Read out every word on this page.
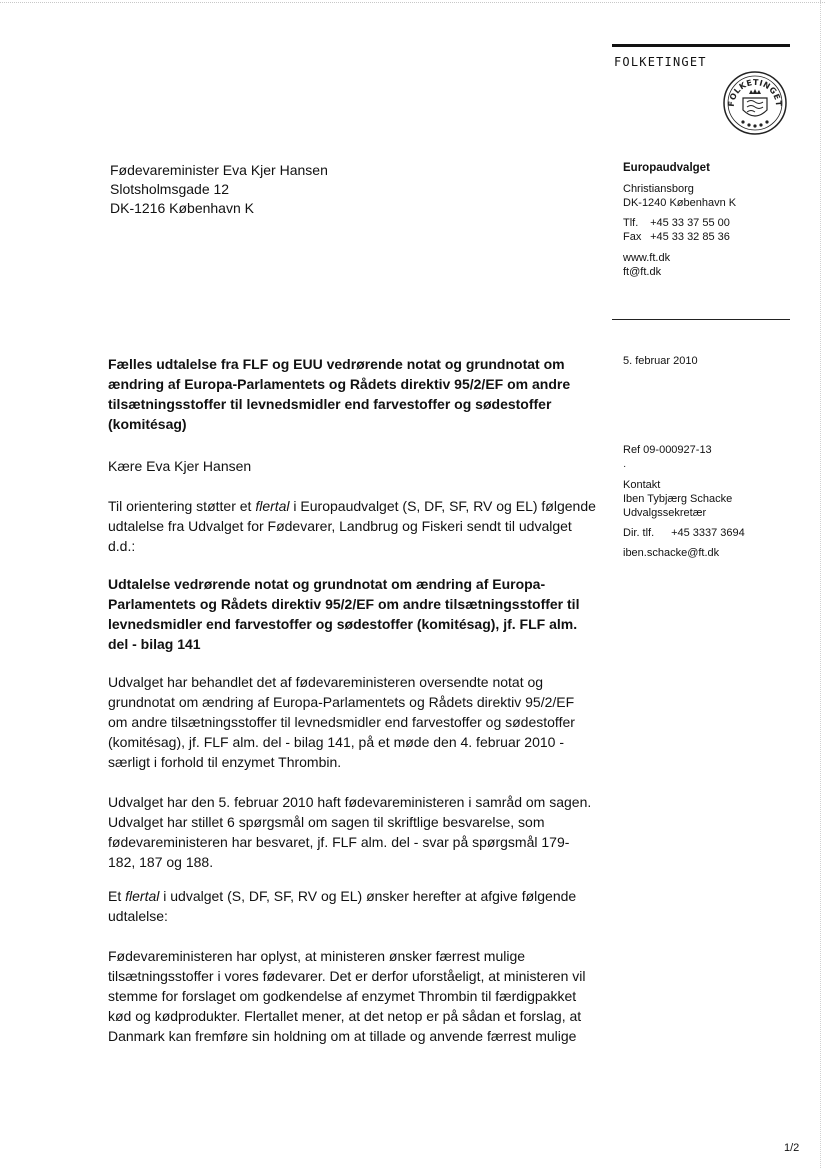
FOLKETINGET
FOLKETINGET
Fødevareminister Eva Kjer Hansen
Slotsholmsgade 12
DK-1216 København K
Europaudvalget
Christiansborg
DK-1240 København K
Tlf. +45 33 37 55 00
Fax +45 33 32 85 36
www.ft.dk
ft@ft.dk
5. februar 2010
Ref 09-000927-13
·
Kontakt
Iben Tybjærg Schacke
Udvalgssekretær
Dir. tlf. +45 3337 3694
iben.schacke@ft.dk

Fælles udtalelse fra FLF og EUU vedrørende notat og grundnotat om ændring af Europa-Parlamentets og Rådets direktiv 95/2/EF om andre tilsætningsstoffer til levnedsmidler end farvestoffer og sødestoffer (komitésag)

Kære Eva Kjer Hansen

Til orientering støtter et flertal i Europaudvalget (S, DF, SF, RV og EL) følgende udtalelse fra Udvalget for Fødevarer, Landbrug og Fiskeri sendt til udvalget d.d.:

Udtalelse vedrørende notat og grundnotat om ændring af Europa-Parlamentets og Rådets direktiv 95/2/EF om andre tilsætningsstoffer til levnedsmidler end farvestoffer og sødestoffer (komitésag), jf. FLF alm. del - bilag 141

Udvalget har behandlet det af fødevareministeren oversendte notat og grundnotat om ændring af Europa-Parlamentets og Rådets direktiv 95/2/EF om andre tilsætningsstoffer til levnedsmidler end farvestoffer og sødestoffer (komitésag), jf. FLF alm. del - bilag 141, på et møde den 4. februar 2010 - særligt i forhold til enzymet Thrombin.

Udvalget har den 5. februar 2010 haft fødevareministeren i samråd om sagen. Udvalget har stillet 6 spørgsmål om sagen til skriftlige besvarelse, som fødevareministeren har besvaret, jf. FLF alm. del - svar på spørgsmål 179-182, 187 og 188.

Et flertal i udvalget (S, DF, SF, RV og EL) ønsker herefter at afgive følgende udtalelse:

Fødevareministeren har oplyst, at ministeren ønsker færrest mulige tilsætningsstoffer i vores fødevarer. Det er derfor uforståeligt, at ministeren vil stemme for forslaget om godkendelse af enzymet Thrombin til færdigpakket kød og kødprodukter. Flertallet mener, at det netop er på sådan et forslag, at Danmark kan fremføre sin holdning om at tillade og anvende færrest mulige

1/2
